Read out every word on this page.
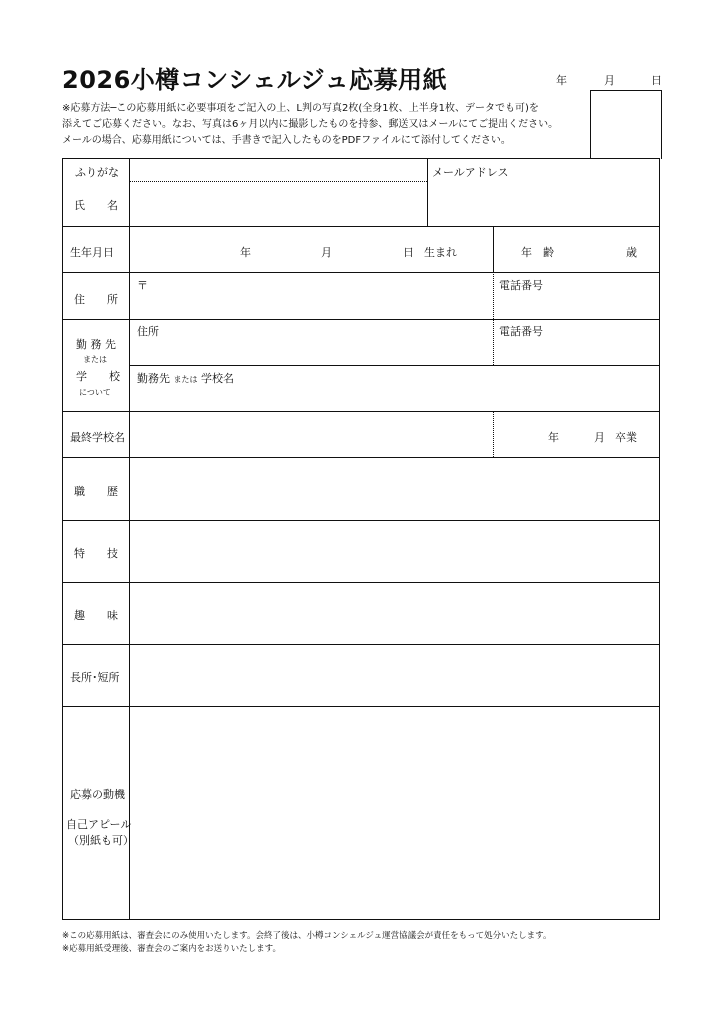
2026小樽コンシェルジュ応募用紙	年	月	日
※応募方法─この応募用紙に必要事項をご記入の上、L判の写真2枚(全身1枚、上半身1枚、データでも可)を
添えてご応募ください。なお、写真は6ヶ月以内に撮影したものを持参、郵送又はメールにてご提出ください。
メールの場合、応募用紙については、手書きで記入したものをPDFファイルにて添付してください。
ふりがな
氏　　名
メールアドレス
生年月日	年	月	日 生まれ	年　齢	歳
住　　所
〒	電話番号
勤 務 先
または
学　　校
について
住所	電話番号
勤務先 または 学校名
最終学校名	年	月 卒業
職　　歴
特　　技
趣　　味
長所･短所
応募の動機
自己アピール
（別紙も可）
※この応募用紙は、審査会にのみ使用いたします。会終了後は、小樽コンシェルジュ運営協議会が責任をもって処分いたします。
※応募用紙受理後、審査会のご案内をお送りいたします。
